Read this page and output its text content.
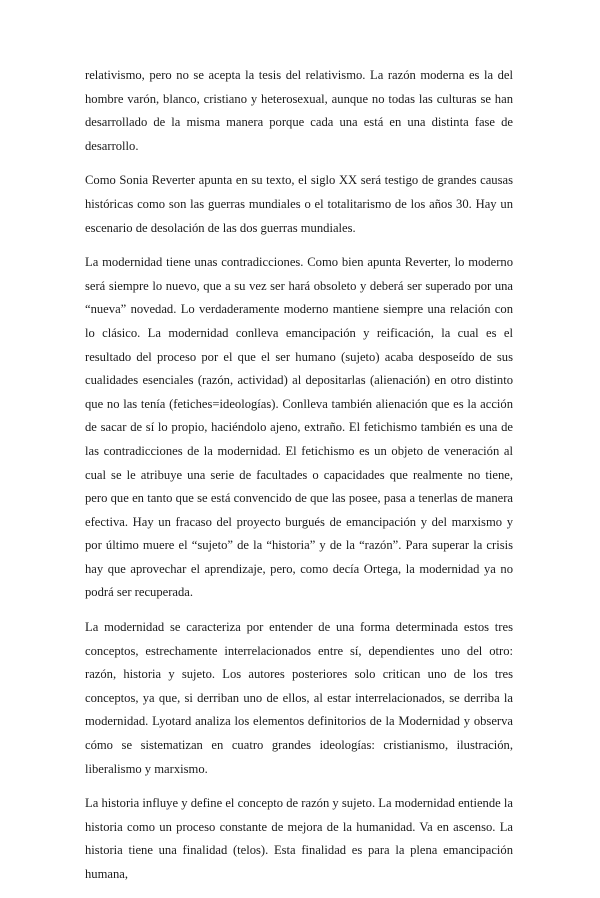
relativismo, pero no se acepta la tesis del relativismo. La razón moderna es la del hombre varón, blanco, cristiano y heterosexual, aunque no todas las culturas se han desarrollado de la misma manera porque cada una está en una distinta fase de desarrollo.

Como Sonia Reverter apunta en su texto, el siglo XX será testigo de grandes causas históricas como son las guerras mundiales o el totalitarismo de los años 30. Hay un escenario de desolación de las dos guerras mundiales.

La modernidad tiene unas contradicciones. Como bien apunta Reverter, lo moderno será siempre lo nuevo, que a su vez ser hará obsoleto y deberá ser superado por una “nueva” novedad. Lo verdaderamente moderno mantiene siempre una relación con lo clásico. La modernidad conlleva emancipación y reificación, la cual es el resultado del proceso por el que el ser humano (sujeto) acaba desposeído de sus cualidades esenciales (razón, actividad) al depositarlas (alienación) en otro distinto que no las tenía (fetiches=ideologías). Conlleva también alienación que es la acción de sacar de sí lo propio, haciéndolo ajeno, extraño. El fetichismo también es una de las contradicciones de la modernidad. El fetichismo es un objeto de veneración al cual se le atribuye una serie de facultades o capacidades que realmente no tiene, pero que en tanto que se está convencido de que las posee, pasa a tenerlas de manera efectiva. Hay un fracaso del proyecto burgués de emancipación y del marxismo y por último muere el “sujeto” de la “historia” y de la “razón”. Para superar la crisis hay que aprovechar el aprendizaje, pero, como decía Ortega, la modernidad ya no podrá ser recuperada.

La modernidad se caracteriza por entender de una forma determinada estos tres conceptos, estrechamente interrelacionados entre sí, dependientes uno del otro: razón, historia y sujeto. Los autores posteriores solo critican uno de los tres conceptos, ya que, si derriban uno de ellos, al estar interrelacionados, se derriba la modernidad. Lyotard analiza los elementos definitorios de la Modernidad y observa cómo se sistematizan en cuatro grandes ideologías: cristianismo, ilustración, liberalismo y marxismo.

La historia influye y define el concepto de razón y sujeto. La modernidad entiende la historia como un proceso constante de mejora de la humanidad. Va en ascenso. La historia tiene una finalidad (telos). Esta finalidad es para la plena emancipación humana,
